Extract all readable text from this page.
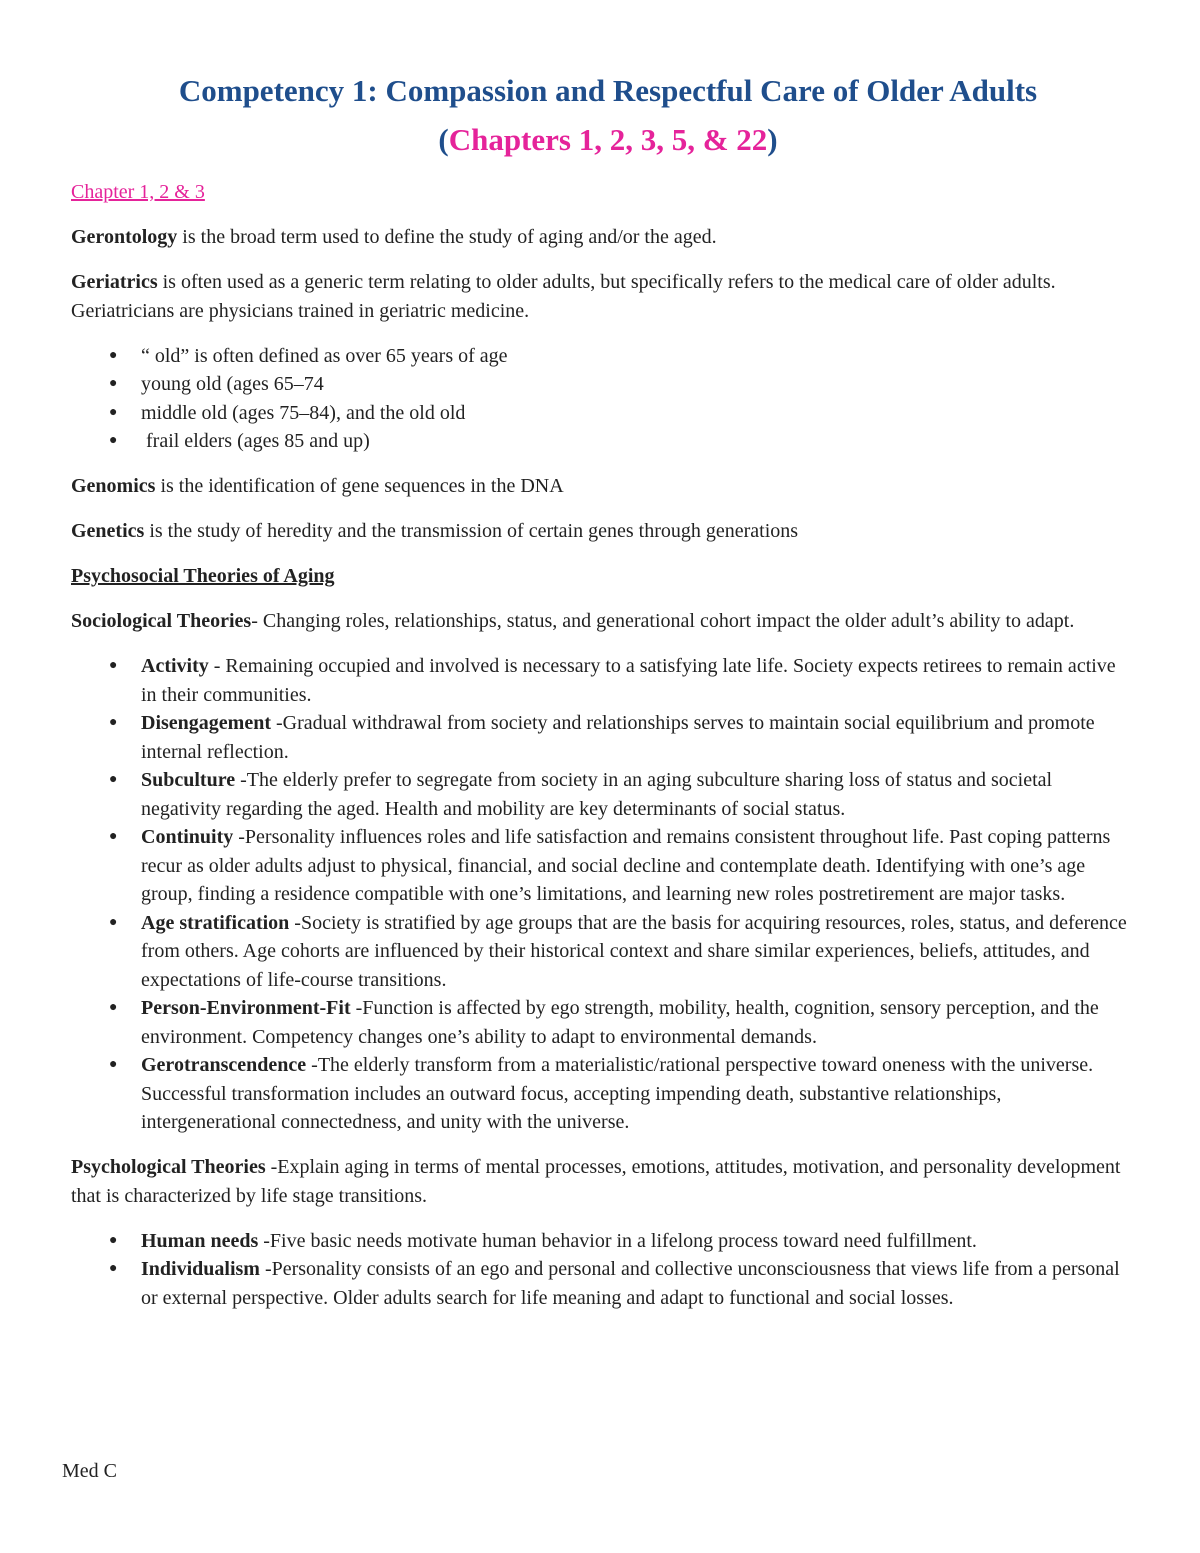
Competency 1: Compassion and Respectful Care of Older Adults
(Chapters 1, 2, 3, 5, & 22)

Chapter 1, 2 & 3

Gerontology is the broad term used to define the study of aging and/or the aged.

Geriatrics is often used as a generic term relating to older adults, but specifically refers to the medical care of older adults. Geriatricians are physicians trained in geriatric medicine.

● “ old” is often defined as over 65 years of age
● young old (ages 65–74
● middle old (ages 75–84), and the old old
● frail elders (ages 85 and up)

Genomics is the identification of gene sequences in the DNA

Genetics is the study of heredity and the transmission of certain genes through generations

Psychosocial Theories of Aging

Sociological Theories- Changing roles, relationships, status, and generational cohort impact the older adult’s ability to adapt.

● Activity - Remaining occupied and involved is necessary to a satisfying late life. Society expects retirees to remain active in their communities.
● Disengagement -Gradual withdrawal from society and relationships serves to maintain social equilibrium and promote internal reflection.
● Subculture -The elderly prefer to segregate from society in an aging subculture sharing loss of status and societal negativity regarding the aged. Health and mobility are key determinants of social status.
● Continuity -Personality influences roles and life satisfaction and remains consistent throughout life. Past coping patterns recur as older adults adjust to physical, financial, and social decline and contemplate death. Identifying with one’s age group, finding a residence compatible with one’s limitations, and learning new roles postretirement are major tasks.
● Age stratification -Society is stratified by age groups that are the basis for acquiring resources, roles, status, and deference from others. Age cohorts are influenced by their historical context and share similar experiences, beliefs, attitudes, and expectations of life-course transitions.
● Person-Environment-Fit -Function is affected by ego strength, mobility, health, cognition, sensory perception, and the environment. Competency changes one’s ability to adapt to environmental demands.
● Gerotranscendence -The elderly transform from a materialistic/rational perspective toward oneness with the universe. Successful transformation includes an outward focus, accepting impending death, substantive relationships, intergenerational connectedness, and unity with the universe.

Psychological Theories -Explain aging in terms of mental processes, emotions, attitudes, motivation, and personality development that is characterized by life stage transitions.

● Human needs -Five basic needs motivate human behavior in a lifelong process toward need fulfillment.
● Individualism -Personality consists of an ego and personal and collective unconsciousness that views life from a personal or external perspective. Older adults search for life meaning and adapt to functional and social losses.
Med C
